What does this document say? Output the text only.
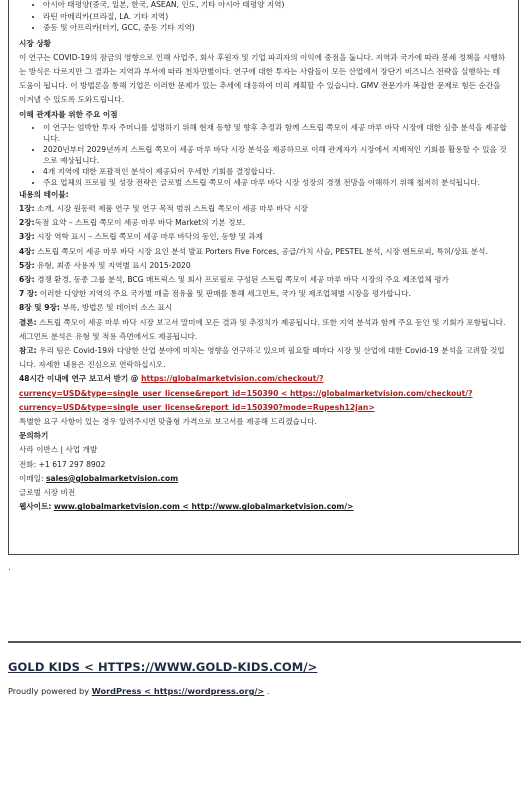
• 아시아 태평양(중국, 일본, 한국, ASEAN, 인도, 기타 아시아 태평양 지역)
• 라틴 아메리카(브라질, LA. 기타 지역)
• 중동 및 아프리카(터키, GCC, 중동 기타 지역)

시장 상황

이 연구는 COVID-19의 잠금의 영향으로 인해 사업주, 회사 후원자 및 기업 파괴자의 이익에 중점을 둡니다. 지역과 국가에 따라 봉쇄 정책을 시행하는 방식은 다르지만 그 결과는 지역과 부서에 따라 천차만별이다. 연구에 대한 투자는 사람들이 모든 산업에서 장단기 비즈니스 전략을 실행하는 데 도움이 됩니다. 이 방법론을 통해 기업은 이러한 문제가 있는 추세에 대응하여 미리 계획할 수 있습니다. GMV 전문가가 복잡한 문제로 힘든 순간을 이겨낼 수 있도록 도와드립니다.

이해 관계자를 위한 주요 이점

• 이 연구는 엄박한 투자 주머니를 설명하기 위해 현재 동향 및 향후 추정과 함께 스트립 쪽모이 세공 마루 바닥 시장에 대한 심층 분석을 제공합니다.
• 2020년부터 2029년까지 스트립 쪽모이 세공 마루 바닥 시장 분석을 제공하므로 이해 관계자가 시장에서 지배적인 기회를 활용할 수 있을 것으로 예상됩니다.
• 4개 지역에 대한 포괄적인 분석이 제공되어 우세한 기회를 결정합니다.
• 주요 업체의 프로필 및 성장 전략은 글로벌 스트립 쪽모이 세공 마루 바닥 시장 성장의 경쟁 전망을 이해하기 위해 철저히 분석됩니다.

내용의 테이블:

1장: 소개, 시장 원동력 제품 연구 및 연구 목적 범위 스트립 쪽모이 세공 마루 바닥 시장

2장:독점 요약 – 스트립 쪽모이 세공 마루 바닥 Market의 기본 정보.

3장: 시장 역학 표시 – 스트립 쪽모이 세공 마루 바닥의 동인, 동향 및 과제

4장: 스트립 쪽모이 세공 마루 바닥 시장 요인 분석 발표 Porters Five Forces, 공급/가치 사슬, PESTEL 분석, 시장 엔트로피, 특허/상표 분석.

5장: 유형, 최종 사용자 및 지역별 표시 2015-2020

6장: 경쟁 환경, 동종 그룹 분석, BCG 매트릭스 및 회사 프로필로 구성된 스트립 쪽모이 세공 마루 바닥 시장의 주요 제조업체 평가

7 장: 이러한 다양한 지역의 주요 국가별 매출 점유율 및 판매를 통해 세그먼트, 국가 및 제조업체별 시장을 평가합니다.

8장 및 9장: 부록, 방법론 및 데이터 소스 표시

결론: 스트립 쪽모이 세공 마루 바닥 시장 보고서 말미에 모든 결과 및 추정치가 제공됩니다. 또한 지역 분석과 함께 주요 동인 및 기회가 포함됩니다. 세그먼트 분석은 유형 및 적용 측면에서도 제공됩니다.

참고: 우리 팀은 Covid-19와 다양한 산업 분야에 미치는 영향을 연구하고 있으며 필요할 때마다 시장 및 산업에 대한 Covid-19 분석을 고려할 것입니다. 자세한 내용은 진심으로 연락하십시오.

48시간 이내에 연구 보고서 받기 @ https://globalmarketvision.com/checkout/?currency=USD&type=single_user_license&report_id=150390 < https://globalmarketvision.com/checkout/?currency=USD&type=single_user_license&report_id=150390?mode=Rupesh12jan>

특별한 요구 사항이 있는 경우 알려주시면 맞춤형 가격으로 보고서를 제공해 드리겠습니다.

문의하기

사라 이반스 | 사업 개발

전화: +1 617 297 8902

이메일: sales@globalmarketvision.com

글로벌 시장 비전

웹사이트: www.globalmarketvision.com < http://www.globalmarketvision.com/>

.
GOLD KIDS < HTTPS://WWW.GOLD-KIDS.COM/>
Proudly powered by WordPress < https://wordpress.org/> .
